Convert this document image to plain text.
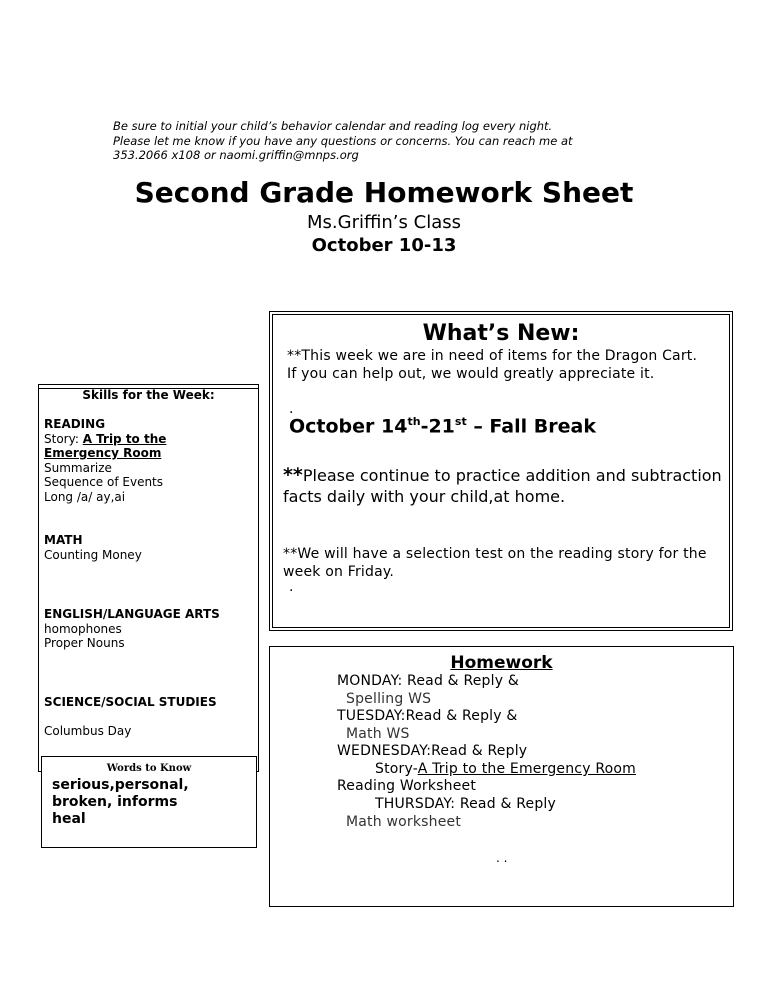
Be sure to initial your child’s behavior calendar and reading log every night.
Please let me know if you have any questions or concerns. You can reach me at
353.2066 x108 or naomi.griffin@mnps.org
Second Grade Homework Sheet
Ms.Griffin’s Class
October 10-13
What’s New:
**This week we are in need of items for the Dragon Cart. If you can help out, we would greatly appreciate it.
.
October 14th-21st – Fall Break
**Please continue to practice addition and subtraction facts daily with your child,at home.
**We will have a selection test on the reading story for the week on Friday.
.
Skills for the Week:
READING
Story: A Trip to the
Emergency Room
Summarize
Sequence of Events
Long /a/ ay,ai
MATH
Counting Money
ENGLISH/LANGUAGE ARTS
homophones
Proper Nouns
SCIENCE/SOCIAL STUDIES
Columbus Day
Words to Know
serious,personal,
broken, informs
heal
Homework
MONDAY: Read & Reply &
Spelling WS
TUESDAY:Read & Reply &
Math WS
WEDNESDAY:Read & Reply
Story-A Trip to the Emergency Room
Reading Worksheet
THURSDAY: Read & Reply
Math worksheet
. .
